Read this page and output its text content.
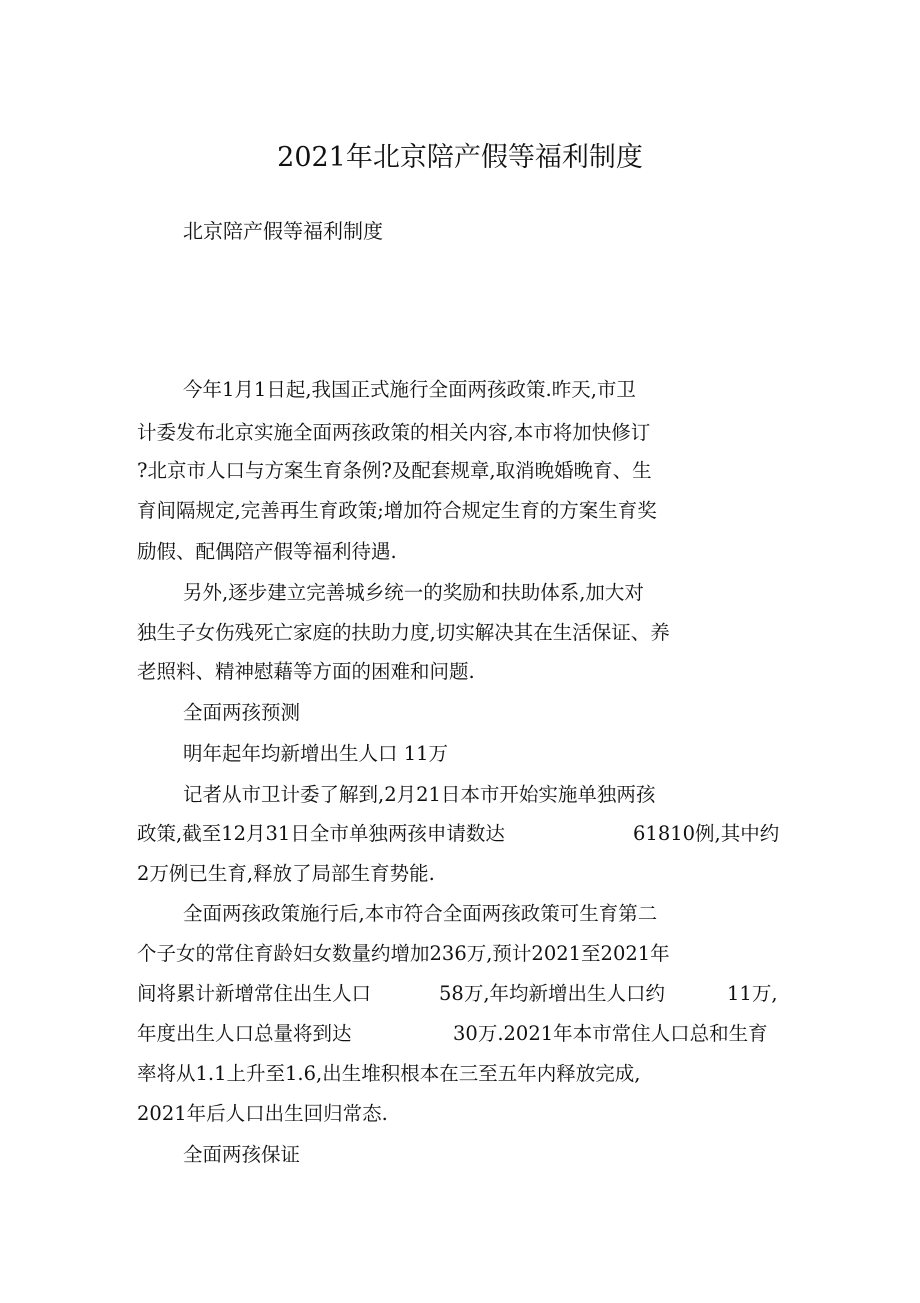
2021年北京陪产假等福利制度
北京陪产假等福利制度
今年1月1日起,我国正式施行全面两孩政策.昨天,市卫
计委发布北京实施全面两孩政策的相关内容,本市将加快修订
?北京市人口与方案生育条例?及配套规章,取消晚婚晚育、生
育间隔规定,完善再生育政策;增加符合规定生育的方案生育奖
励假、配偶陪产假等福利待遇.
另外,逐步建立完善城乡统一的奖励和扶助体系,加大对
独生子女伤残死亡家庭的扶助力度,切实解决其在生活保证、养
老照料、精神慰藉等方面的困难和问题.
全面两孩预测
明年起年均新增出生人口 11万
记者从市卫计委了解到,2月21日本市开始实施单独两孩
政策,截至12月31日全市单独两孩申请数达	61810例,其中约
2万例已生育,释放了局部生育势能.
全面两孩政策施行后,本市符合全面两孩政策可生育第二
个子女的常住育龄妇女数量约增加236万,预计2021至2021年
间将累计新增常住出生人口	58万,年均新增出生人口约	11万,
年度出生人口总量将到达	30万.2021年本市常住人口总和生育
率将从1.1上升至1.6,出生堆积根本在三至五年内释放完成,
2021年后人口出生回归常态.
全面两孩保证
